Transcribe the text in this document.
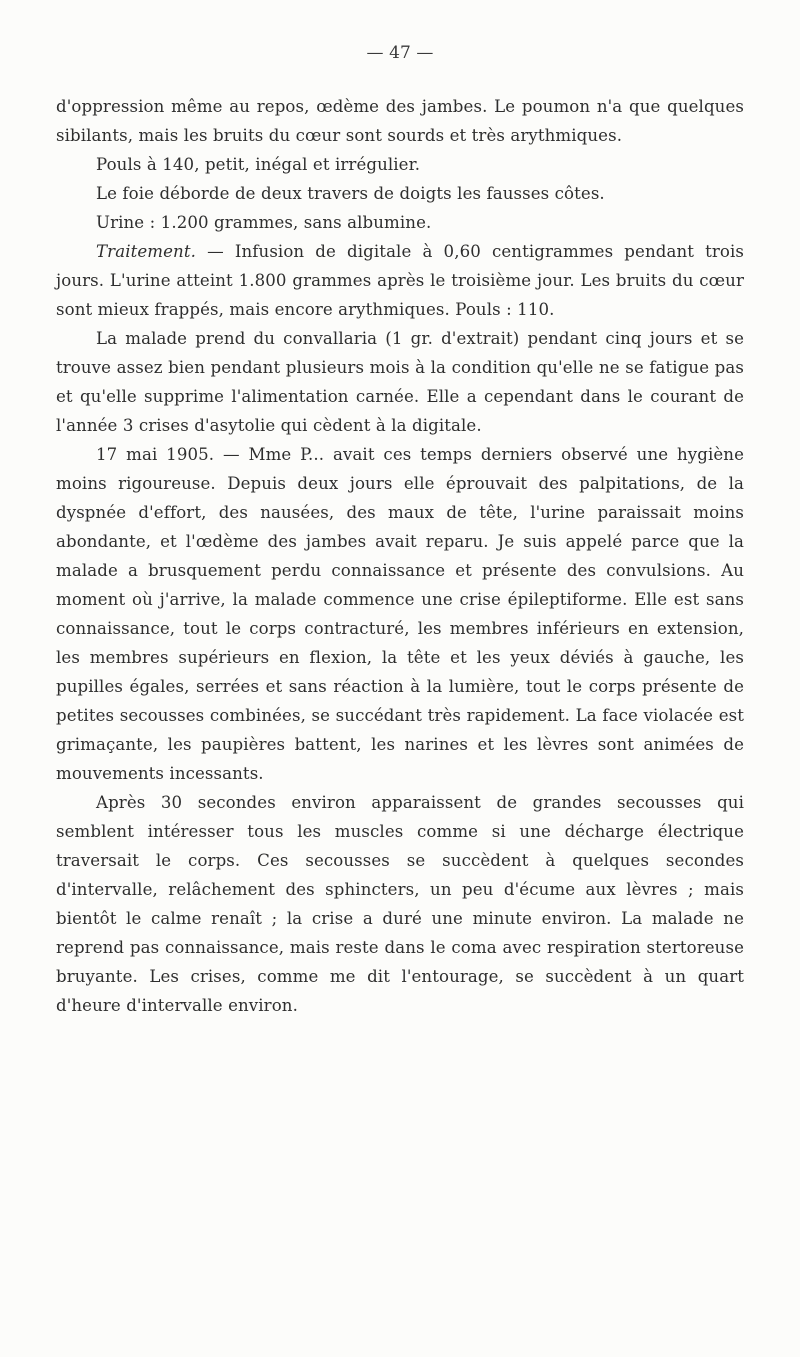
— 47 —

d'oppression même au repos, œdème des jambes. Le poumon n'a que quelques sibilants, mais les bruits du cœur sont sourds et très arythmiques.

Pouls à 140, petit, inégal et irrégulier.

Le foie déborde de deux travers de doigts les fausses côtes.

Urine : 1.200 grammes, sans albumine.

Traitement. — Infusion de digitale à 0,60 centigrammes pendant trois jours. L'urine atteint 1.800 grammes après le troisième jour. Les bruits du cœur sont mieux frappés, mais encore arythmiques. Pouls : 110.

La malade prend du convallaria (1 gr. d'extrait) pendant cinq jours et se trouve assez bien pendant plusieurs mois à la condition qu'elle ne se fatigue pas et qu'elle supprime l'alimentation carnée. Elle a cependant dans le courant de l'année 3 crises d'asytolie qui cèdent à la digitale.

17 mai 1905. — Mme P... avait ces temps derniers observé une hygiène moins rigoureuse. Depuis deux jours elle éprouvait des palpitations, de la dyspnée d'effort, des nausées, des maux de tête, l'urine paraissait moins abondante, et l'œdème des jambes avait reparu. Je suis appelé parce que la malade a brusquement perdu connaissance et présente des convulsions. Au moment où j'arrive, la malade commence une crise épileptiforme. Elle est sans connaissance, tout le corps contracturé, les membres inférieurs en extension, les membres supérieurs en flexion, la tête et les yeux déviés à gauche, les pupilles égales, serrées et sans réaction à la lumière, tout le corps présente de petites secousses combinées, se succédant très rapidement. La face violacée est grimaçante, les paupières battent, les narines et les lèvres sont animées de mouvements incessants.

Après 30 secondes environ apparaissent de grandes secousses qui semblent intéresser tous les muscles comme si une décharge électrique traversait le corps. Ces secousses se succèdent à quelques secondes d'intervalle, relâchement des sphincters, un peu d'écume aux lèvres ; mais bientôt le calme renaît ; la crise a duré une minute environ. La malade ne reprend pas connaissance, mais reste dans le coma avec respiration stertoreuse bruyante. Les crises, comme me dit l'entourage, se succèdent à un quart d'heure d'intervalle environ.
